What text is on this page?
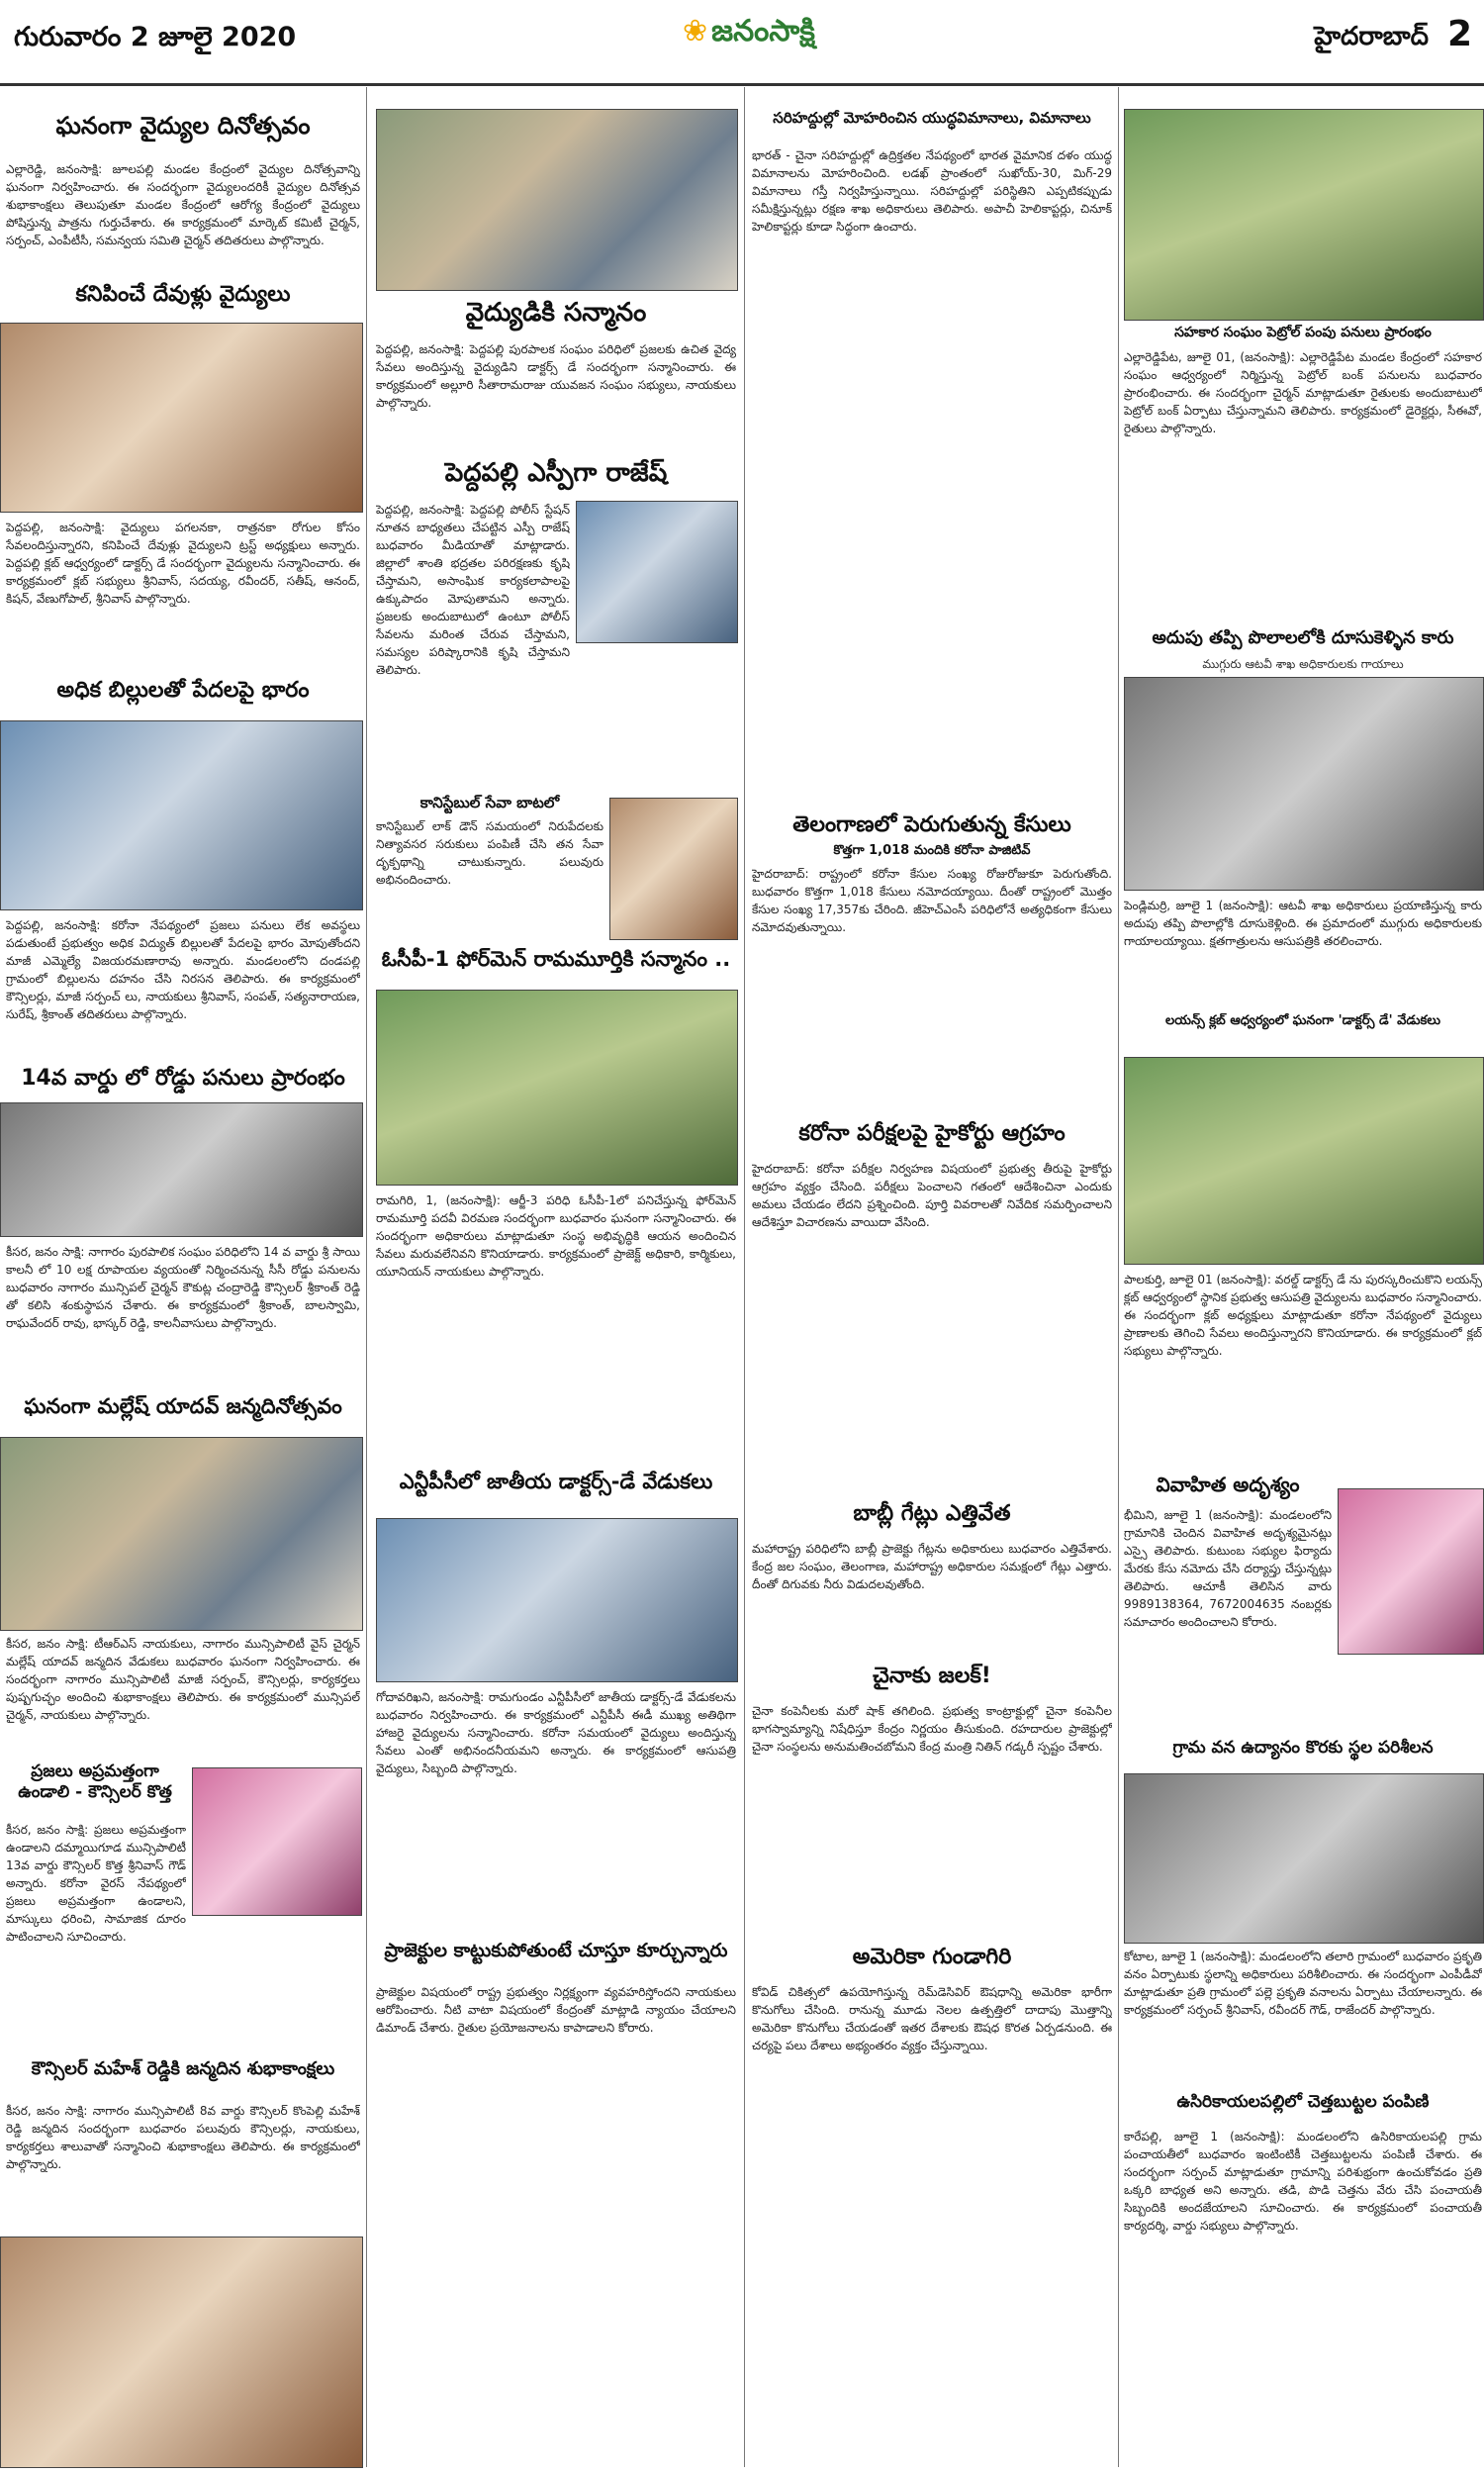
గురువారం 2 జూలై 2020	❀ జనంసాక్షి	హైదరాబాద్ 2
ఘనంగా వైద్యుల దినోత్సవం
ఎల్లారెడ్డి, జనంసాక్షి: జూలపల్లి మండల కేంద్రంలో వైద్యుల దినోత్సవాన్ని ఘనంగా నిర్వహించారు. ఈ సందర్భంగా వైద్యులందరికీ వైద్యుల దినోత్సవ శుభాకాంక్షలు తెలుపుతూ మండల కేంద్రంలో ఆరోగ్య కేంద్రంలో వైద్యులు పోషిస్తున్న పాత్రను గుర్తుచేశారు. ఈ కార్యక్రమంలో మార్కెట్ కమిటీ చైర్మన్, సర్పంచ్, ఎంపీటీసీ, సమన్వయ సమితి చైర్మన్ తదితరులు పాల్గొన్నారు.
కనిపించే దేవుళ్లు వైద్యులు
పెద్దపల్లి, జనంసాక్షి: వైద్యులు పగలనకా, రాత్రనకా రోగుల కోసం సేవలందిస్తున్నారని, కనిపించే దేవుళ్లు వైద్యులని ట్రస్ట్ అధ్యక్షులు అన్నారు. పెద్దపల్లి క్లబ్ ఆధ్వర్యంలో డాక్టర్స్ డే సందర్భంగా వైద్యులను సన్మానించారు. ఈ కార్యక్రమంలో క్లబ్ సభ్యులు శ్రీనివాస్, సదయ్య, రవీందర్, సతీష్, ఆనంద్, కిషన్, వేణుగోపాల్, శ్రీనివాస్ పాల్గొన్నారు.
అధిక బిల్లులతో పేదలపై భారం
పెద్దపల్లి, జనంసాక్షి: కరోనా నేపథ్యంలో ప్రజలు పనులు లేక అవస్థలు పడుతుంటే ప్రభుత్వం అధిక విద్యుత్ బిల్లులతో పేదలపై భారం మోపుతోందని మాజీ ఎమ్మెల్యే విజయరమణారావు అన్నారు. మండలంలోని దండపల్లి గ్రామంలో బిల్లులను దహనం చేసి నిరసన తెలిపారు. ఈ కార్యక్రమంలో కౌన్సిలర్లు, మాజీ సర్పంచ్ లు, నాయకులు శ్రీనివాస్, సంపత్, సత్యనారాయణ, సురేష్, శ్రీకాంత్ తదితరులు పాల్గొన్నారు.
14వ వార్డు లో రోడ్డు పనులు ప్రారంభం
కీసర, జనం సాక్షి: నాగారం పురపాలిక సంఘం పరిధిలోని 14 వ వార్డు శ్రీ సాయి కాలనీ లో 10 లక్ష రూపాయల వ్యయంతో నిర్మించనున్న సీసీ రోడ్డు పనులను బుధవారం నాగారం మున్సిపల్ చైర్మన్ కౌకుట్ల చంద్రారెడ్డి కౌన్సిలర్ శ్రీకాంత్ రెడ్డి తో కలిసి శంకుస్థాపన చేశారు. ఈ కార్యక్రమంలో శ్రీకాంత్, బాలస్వామి, రాఘవేందర్ రావు, భాస్కర్ రెడ్డి, కాలనీవాసులు పాల్గొన్నారు.
ఘనంగా మల్లేష్ యాదవ్ జన్మదినోత్సవం
కీసర, జనం సాక్షి: టీఆర్ఎస్ నాయకులు, నాగారం మున్సిపాలిటీ వైస్ చైర్మన్ మల్లేష్ యాదవ్ జన్మదిన వేడుకలు బుధవారం ఘనంగా నిర్వహించారు. ఈ సందర్భంగా నాగారం మున్సిపాలిటీ మాజీ సర్పంచ్, కౌన్సిలర్లు, కార్యకర్తలు పుష్పగుచ్ఛం అందించి శుభాకాంక్షలు తెలిపారు. ఈ కార్యక్రమంలో మున్సిపల్ చైర్మన్, నాయకులు పాల్గొన్నారు.
ప్రజలు అప్రమత్తంగా ఉండాలి - కౌన్సిలర్ కొత్త
కీసర, జనం సాక్షి: ప్రజలు అప్రమత్తంగా ఉండాలని దమ్మాయిగూడ మున్సిపాలిటీ 13వ వార్డు కౌన్సిలర్ కొత్త శ్రీనివాస్ గౌడ్ అన్నారు. కరోనా వైరస్ నేపథ్యంలో ప్రజలు అప్రమత్తంగా ఉండాలని, మాస్కులు ధరించి, సామాజిక దూరం పాటించాలని సూచించారు.
కౌన్సిలర్ మహేశ్ రెడ్డికి జన్మదిన శుభాకాంక్షలు
కీసర, జనం సాక్షి: నాగారం మున్సిపాలిటీ 8వ వార్డు కౌన్సిలర్ కొంపెల్లి మహేశ్ రెడ్డి జన్మదిన సందర్భంగా బుధవారం పలువురు కౌన్సిలర్లు, నాయకులు, కార్యకర్తలు శాలువాతో సన్మానించి శుభాకాంక్షలు తెలిపారు. ఈ కార్యక్రమంలో పాల్గొన్నారు.
వైద్యుడికి సన్మానం
పెద్దపల్లి, జనంసాక్షి: పెద్దపల్లి పురపాలక సంఘం పరిధిలో ప్రజలకు ఉచిత వైద్య సేవలు అందిస్తున్న వైద్యుడిని డాక్టర్స్ డే సందర్భంగా సన్మానించారు. ఈ కార్యక్రమంలో అల్లూరి సీతారామరాజు యువజన సంఘం సభ్యులు, నాయకులు పాల్గొన్నారు.
పెద్దపల్లి ఎస్పీగా రాజేష్
పెద్దపల్లి, జనంసాక్షి: పెద్దపల్లి పోలీస్ స్టేషన్ నూతన బాధ్యతలు చేపట్టిన ఎస్పీ రాజేష్ బుధవారం మీడియాతో మాట్లాడారు. జిల్లాలో శాంతి భద్రతల పరిరక్షణకు కృషి చేస్తామని, అసాంఘిక కార్యకలాపాలపై ఉక్కుపాదం మోపుతామని అన్నారు. ప్రజలకు అందుబాటులో ఉంటూ పోలీస్ సేవలను మరింత చేరువ చేస్తామని, సమస్యల పరిష్కారానికి కృషి చేస్తామని తెలిపారు.
కానిస్టేబుల్ సేవా బాటలో
కానిస్టేబుల్ లాక్ డౌన్ సమయంలో నిరుపేదలకు నిత్యావసర సరుకులు పంపిణీ చేసి తన సేవా దృక్పథాన్ని చాటుకున్నారు. పలువురు అభినందించారు.
ఓసీపీ-1 ఫోర్‌మెన్ రామమూర్తికి సన్మానం ..
రామగిరి, 1, (జనంసాక్షి): ఆర్జీ-3 పరిధి ఓసీపీ-1లో పనిచేస్తున్న ఫోర్‌మెన్ రామమూర్తి పదవీ విరమణ సందర్భంగా బుధవారం ఘనంగా సన్మానించారు. ఈ సందర్భంగా అధికారులు మాట్లాడుతూ సంస్థ అభివృద్ధికి ఆయన అందించిన సేవలు మరువలేనివని కొనియాడారు. కార్యక్రమంలో ప్రాజెక్ట్ అధికారి, కార్మికులు, యూనియన్ నాయకులు పాల్గొన్నారు.
ఎన్టీపీసీలో జాతీయ డాక్టర్స్-డే వేడుకలు
గోదావరిఖని, జనంసాక్షి: రామగుండం ఎన్టీపీసీలో జాతీయ డాక్టర్స్-డే వేడుకలను బుధవారం నిర్వహించారు. ఈ కార్యక్రమంలో ఎన్టీపీసీ ఈడీ ముఖ్య అతిథిగా హాజరై వైద్యులను సన్మానించారు. కరోనా సమయంలో వైద్యులు అందిస్తున్న సేవలు ఎంతో అభినందనీయమని అన్నారు. ఈ కార్యక్రమంలో ఆసుపత్రి వైద్యులు, సిబ్బంది పాల్గొన్నారు.
ప్రాజెక్టుల కాట్టుకుపోతుంటే చూస్తూ కూర్చున్నారు
ప్రాజెక్టుల విషయంలో రాష్ట్ర ప్రభుత్వం నిర్లక్ష్యంగా వ్యవహరిస్తోందని నాయకులు ఆరోపించారు. నీటి వాటా విషయంలో కేంద్రంతో మాట్లాడి న్యాయం చేయాలని డిమాండ్ చేశారు. రైతుల ప్రయోజనాలను కాపాడాలని కోరారు.
సరిహద్దుల్లో మోహరించిన యుద్ధవిమానాలు, విమానాలు
భారత్ - చైనా సరిహద్దుల్లో ఉద్రిక్తతల నేపథ్యంలో భారత వైమానిక దళం యుద్ధ విమానాలను మోహరించింది. లడఖ్ ప్రాంతంలో సుఖోయ్-30, మిగ్-29 విమానాలు గస్తీ నిర్వహిస్తున్నాయి. సరిహద్దుల్లో పరిస్థితిని ఎప్పటికప్పుడు సమీక్షిస్తున్నట్లు రక్షణ శాఖ అధికారులు తెలిపారు. అపాచీ హెలికాప్టర్లు, చినూక్ హెలికాప్టర్లు కూడా సిద్ధంగా ఉంచారు.
తెలంగాణలో పెరుగుతున్న కేసులు
కొత్తగా 1,018 మందికి కరోనా పాజిటివ్
హైదరాబాద్: రాష్ట్రంలో కరోనా కేసుల సంఖ్య రోజురోజుకూ పెరుగుతోంది. బుధవారం కొత్తగా 1,018 కేసులు నమోదయ్యాయి. దీంతో రాష్ట్రంలో మొత్తం కేసుల సంఖ్య 17,357కు చేరింది. జీహెచ్‌ఎంసీ పరిధిలోనే అత్యధికంగా కేసులు నమోదవుతున్నాయి.
కరోనా పరీక్షలపై హైకోర్టు ఆగ్రహం
హైదరాబాద్: కరోనా పరీక్షల నిర్వహణ విషయంలో ప్రభుత్వ తీరుపై హైకోర్టు ఆగ్రహం వ్యక్తం చేసింది. పరీక్షలు పెంచాలని గతంలో ఆదేశించినా ఎందుకు అమలు చేయడం లేదని ప్రశ్నించింది. పూర్తి వివరాలతో నివేదిక సమర్పించాలని ఆదేశిస్తూ విచారణను వాయిదా వేసింది.
బాబ్లీ గేట్లు ఎత్తివేత
మహారాష్ట్ర పరిధిలోని బాబ్లీ ప్రాజెక్టు గేట్లను అధికారులు బుధవారం ఎత్తివేశారు. కేంద్ర జల సంఘం, తెలంగాణ, మహారాష్ట్ర అధికారుల సమక్షంలో గేట్లు ఎత్తారు. దీంతో దిగువకు నీరు విడుదలవుతోంది.
చైనాకు జలక్!
చైనా కంపెనీలకు మరో షాక్ తగిలింది. ప్రభుత్వ కాంట్రాక్టుల్లో చైనా కంపెనీల భాగస్వామ్యాన్ని నిషేధిస్తూ కేంద్రం నిర్ణయం తీసుకుంది. రహదారుల ప్రాజెక్టుల్లో చైనా సంస్థలను అనుమతించబోమని కేంద్ర మంత్రి నితిన్ గడ్కరీ స్పష్టం చేశారు.
అమెరికా గుండాగిరి
కోవిడ్ చికిత్సలో ఉపయోగిస్తున్న రెమ్‌డెసివిర్ ఔషధాన్ని అమెరికా భారీగా కొనుగోలు చేసింది. రానున్న మూడు నెలల ఉత్పత్తిలో దాదాపు మొత్తాన్ని అమెరికా కొనుగోలు చేయడంతో ఇతర దేశాలకు ఔషధ కొరత ఏర్పడనుంది. ఈ చర్యపై పలు దేశాలు అభ్యంతరం వ్యక్తం చేస్తున్నాయి.
సహకార సంఘం పెట్రోల్ పంపు పనులు ప్రారంభం
ఎల్లారెడ్డిపేట, జూలై 01, (జనంసాక్షి): ఎల్లారెడ్డిపేట మండల కేంద్రంలో సహకార సంఘం ఆధ్వర్యంలో నిర్మిస్తున్న పెట్రోల్ బంక్ పనులను బుధవారం ప్రారంభించారు. ఈ సందర్భంగా చైర్మన్ మాట్లాడుతూ రైతులకు అందుబాటులో పెట్రోల్ బంక్ ఏర్పాటు చేస్తున్నామని తెలిపారు. కార్యక్రమంలో డైరెక్టర్లు, సీఈవో, రైతులు పాల్గొన్నారు.
అదుపు తప్పి పొలాలలోకి దూసుకెళ్ళిన కారు
ముగ్గురు ఆటవీ శాఖ అధికారులకు గాయాలు
పెండ్లిమర్రి, జూలై 1 (జనంసాక్షి): ఆటవీ శాఖ అధికారులు ప్రయాణిస్తున్న కారు అదుపు తప్పి పొలాల్లోకి దూసుకెళ్లింది. ఈ ప్రమాదంలో ముగ్గురు అధికారులకు గాయాలయ్యాయి. క్షతగాత్రులను ఆసుపత్రికి తరలించారు.
లయన్స్ క్లబ్ ఆధ్వర్యంలో ఘనంగా 'డాక్టర్స్ డే' వేడుకలు
పాలకుర్తి, జూలై 01 (జనంసాక్షి): వరల్డ్ డాక్టర్స్ డే ను పురస్కరించుకొని లయన్స్ క్లబ్ ఆధ్వర్యంలో స్థానిక ప్రభుత్వ ఆసుపత్రి వైద్యులను బుధవారం సన్మానించారు. ఈ సందర్భంగా క్లబ్ అధ్యక్షులు మాట్లాడుతూ కరోనా నేపథ్యంలో వైద్యులు ప్రాణాలకు తెగించి సేవలు అందిస్తున్నారని కొనియాడారు. ఈ కార్యక్రమంలో క్లబ్ సభ్యులు పాల్గొన్నారు.
వివాహిత అదృశ్యం
భీమిని, జూలై 1 (జనంసాక్షి): మండలంలోని గ్రామానికి చెందిన వివాహిత అదృశ్యమైనట్లు ఎస్సై తెలిపారు. కుటుంబ సభ్యుల ఫిర్యాదు మేరకు కేసు నమోదు చేసి దర్యాప్తు చేస్తున్నట్లు తెలిపారు. ఆచూకీ తెలిసిన వారు 9989138364, 7672004635 నంబర్లకు సమాచారం అందించాలని కోరారు.
గ్రామ వన ఉద్యానం కొరకు స్థల పరిశీలన
కోటాల, జూలై 1 (జనంసాక్షి): మండలంలోని తలారి గ్రామంలో బుధవారం ప్రకృతి వనం ఏర్పాటుకు స్థలాన్ని అధికారులు పరిశీలించారు. ఈ సందర్భంగా ఎంపీడీవో మాట్లాడుతూ ప్రతి గ్రామంలో పల్లె ప్రకృతి వనాలను ఏర్పాటు చేయాలన్నారు. ఈ కార్యక్రమంలో సర్పంచ్ శ్రీనివాస్, రవీందర్ గౌడ్, రాజేందర్ పాల్గొన్నారు.
ఉసిరికాయలపల్లిలో చెత్తబుట్టల పంపిణి
కారేపల్లి, జూలై 1 (జనంసాక్షి): మండలంలోని ఉసిరికాయలపల్లి గ్రామ పంచాయతీలో బుధవారం ఇంటింటికీ చెత్తబుట్టలను పంపిణీ చేశారు. ఈ సందర్భంగా సర్పంచ్ మాట్లాడుతూ గ్రామాన్ని పరిశుభ్రంగా ఉంచుకోవడం ప్రతి ఒక్కరి బాధ్యత అని అన్నారు. తడి, పొడి చెత్తను వేరు చేసి పంచాయతీ సిబ్బందికి అందజేయాలని సూచించారు. ఈ కార్యక్రమంలో పంచాయతీ కార్యదర్శి, వార్డు సభ్యులు పాల్గొన్నారు.
